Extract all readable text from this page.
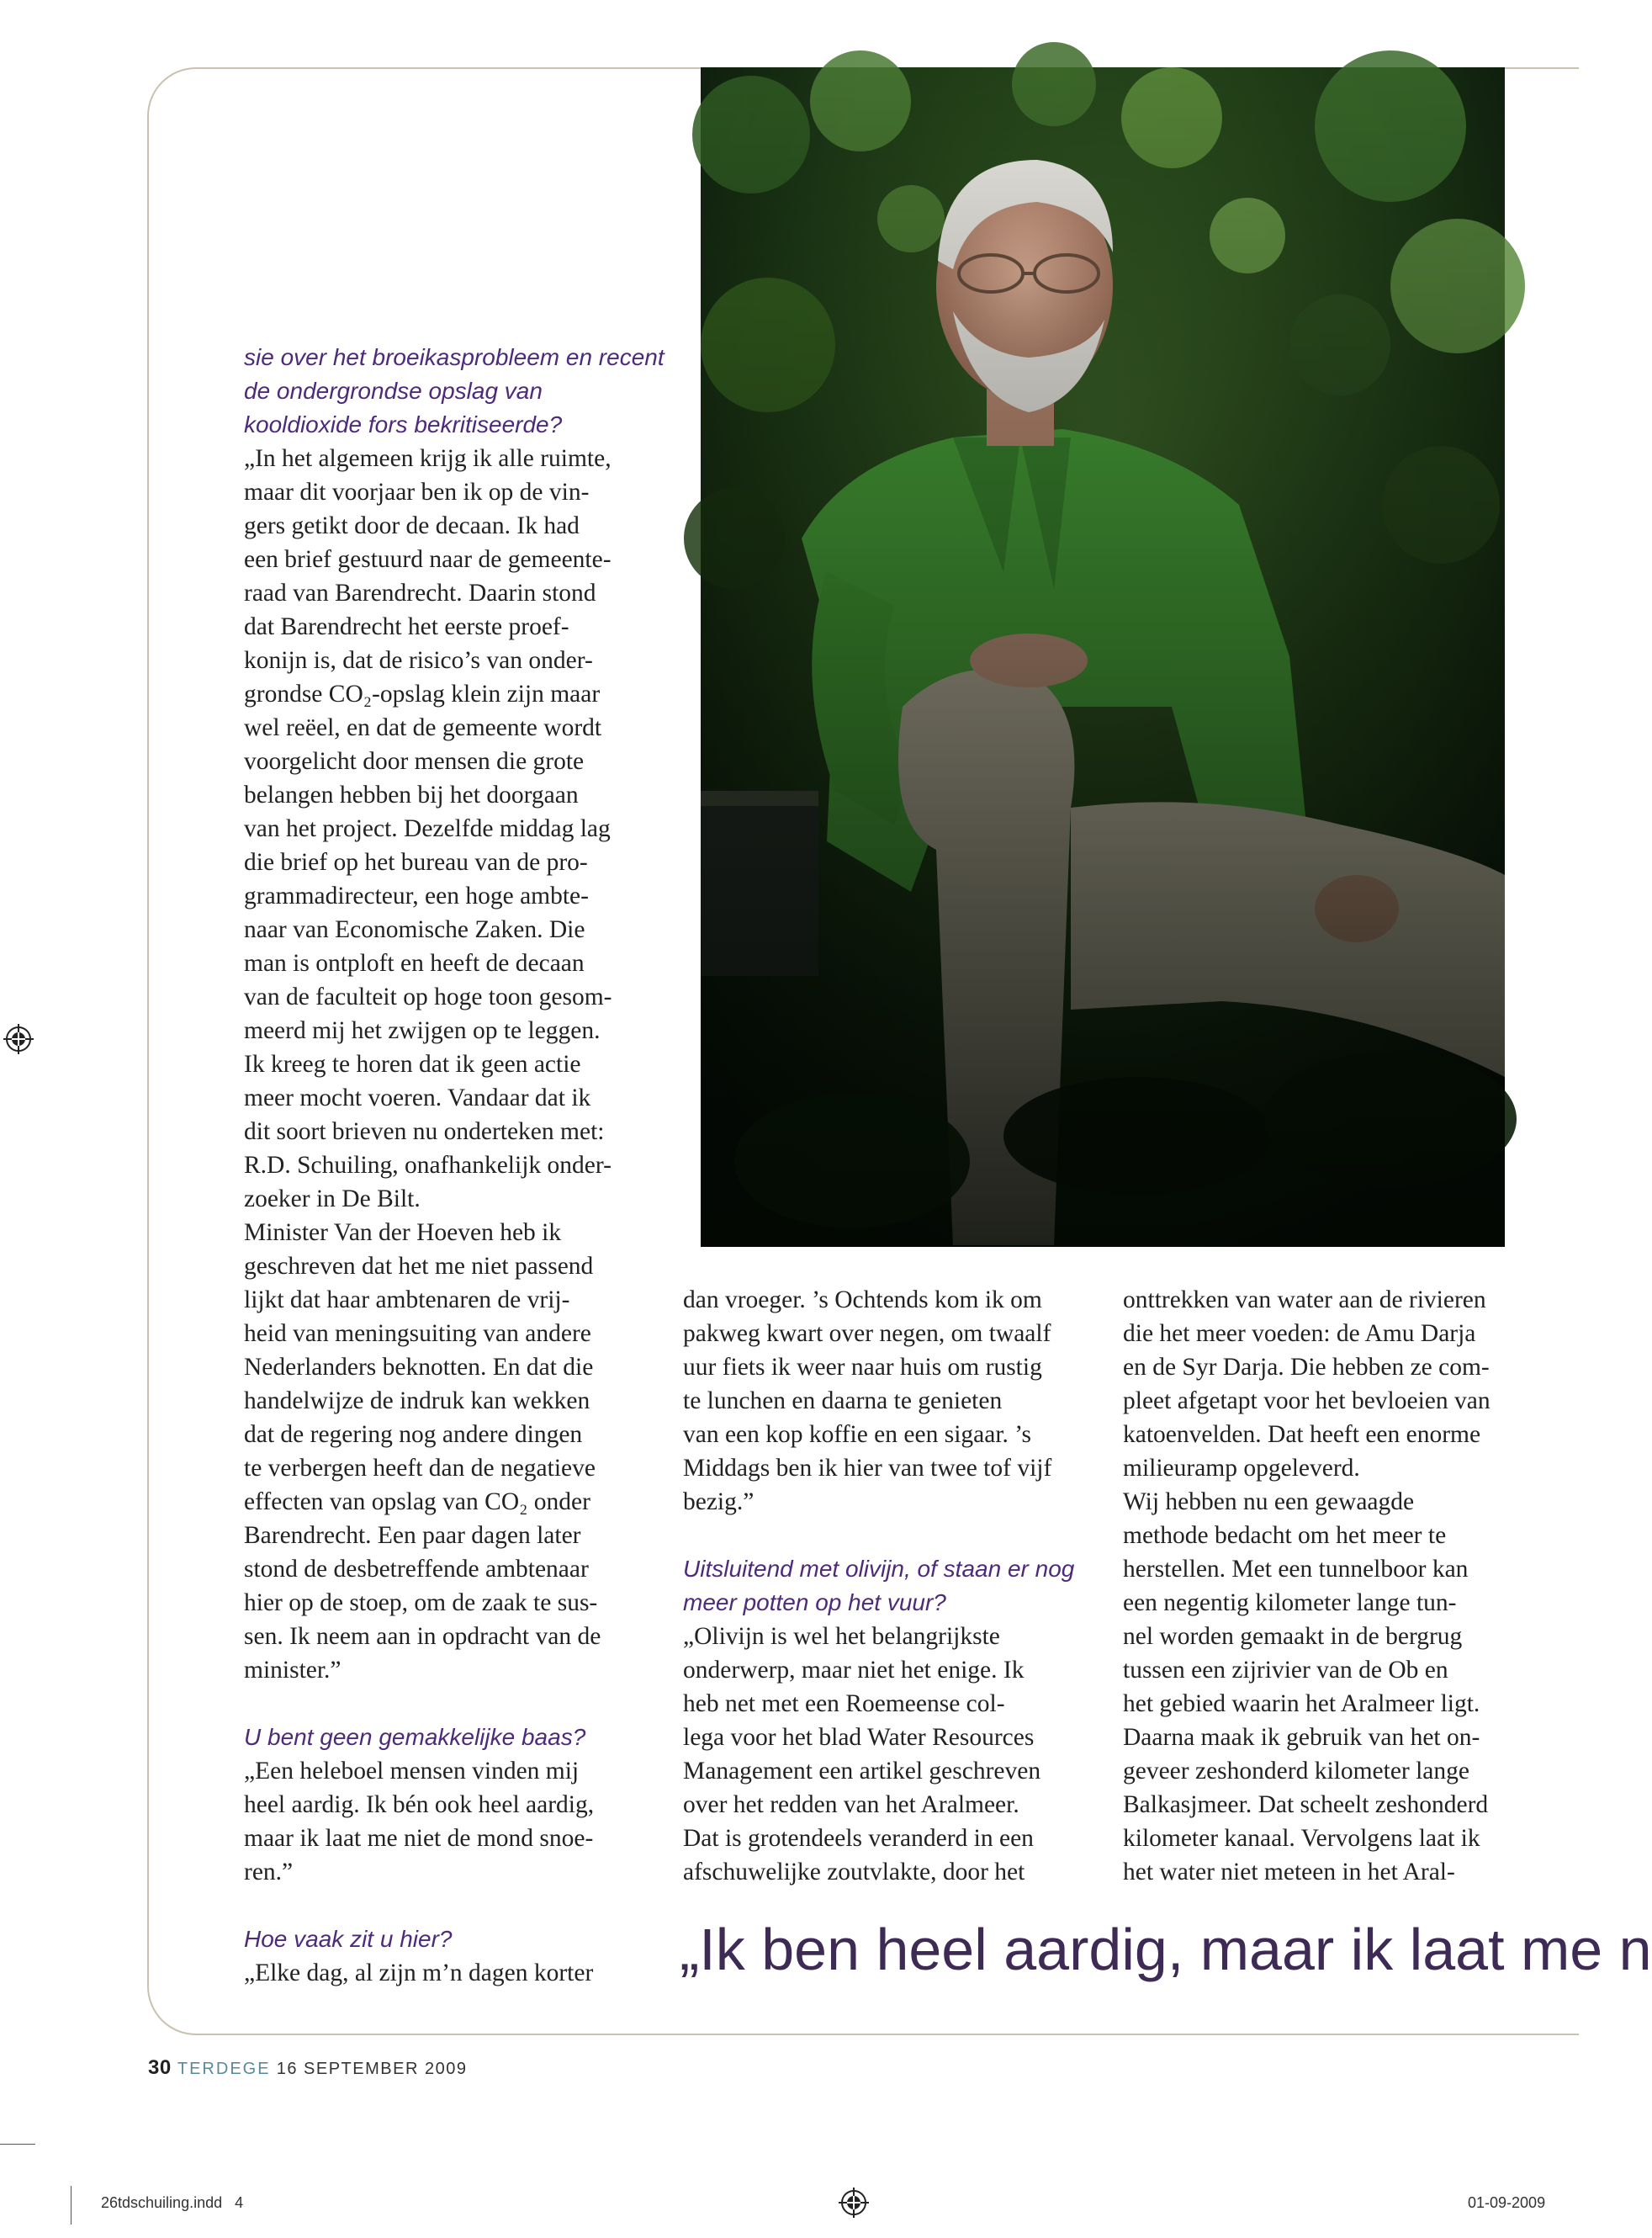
sie over het broeikasprobleem en recent de ondergrondse opslag van kooldioxide fors bekritiseerde?

„In het algemeen krijg ik alle ruimte,
maar dit voorjaar ben ik op de vin-
gers getikt door de decaan. Ik had
een brief gestuurd naar de gemeente-
raad van Barendrecht. Daarin stond
dat Barendrecht het eerste proef-
konijn is, dat de risico’s van onder-
grondse CO₂-opslag klein zijn maar
wel reëel, en dat de gemeente wordt
voorgelicht door mensen die grote
belangen hebben bij het doorgaan
van het project. Dezelfde middag lag
die brief op het bureau van de pro-
grammadirecteur, een hoge ambte-
naar van Economische Zaken. Die
man is ontploft en heeft de decaan
van de faculteit op hoge toon gesom-
meerd mij het zwijgen op te leggen.
Ik kreeg te horen dat ik geen actie
meer mocht voeren. Vandaar dat ik
dit soort brieven nu onderteken met:
R.D. Schuiling, onafhankelijk onder-
zoeker in De Bilt.
Minister Van der Hoeven heb ik
geschreven dat het me niet passend
lijkt dat haar ambtenaren de vrij-
heid van meningsuiting van andere
Nederlanders beknotten. En dat die
handelwijze de indruk kan wekken
dat de regering nog andere dingen
te verbergen heeft dan de negatieve
effecten van opslag van CO₂ onder
Barendrecht. Een paar dagen later
stond de desbetreffende ambtenaar
hier op de stoep, om de zaak te sus-
sen. Ik neem aan in opdracht van de
minister.”

U bent geen gemakkelijke baas?

„Een heleboel mensen vinden mij
heel aardig. Ik bén ook heel aardig,
maar ik laat me niet de mond snoe-
ren.”

Hoe vaak zit u hier?

„Elke dag, al zijn m’n dagen korter
dan vroeger. ’s Ochtends kom ik om
pakweg kwart over negen, om twaalf
uur fiets ik weer naar huis om rustig
te lunchen en daarna te genieten
van een kop koffie en een sigaar. ’s
Middags ben ik hier van twee tof vijf
bezig.”

Uitsluitend met olivijn, of staan er nog meer potten op het vuur?

„Olivijn is wel het belangrijkste
onderwerp, maar niet het enige. Ik
heb net met een Roemeense col-
lega voor het blad Water Resources
Management een artikel geschreven
over het redden van het Aralmeer.
Dat is grotendeels veranderd in een
afschuwelijke zoutvlakte, door het
onttrekken van water aan de rivieren
die het meer voeden: de Amu Darja
en de Syr Darja. Die hebben ze com-
pleet afgetapt voor het bevloeien van
katoenvelden. Dat heeft een enorme
milieuramp opgeleverd.
Wij hebben nu een gewaagde
methode bedacht om het meer te
herstellen. Met een tunnelboor kan
een negentig kilometer lange tun-
nel worden gemaakt in de bergrug
tussen een zijrivier van de Ob en
het gebied waarin het Aralmeer ligt.
Daarna maak ik gebruik van het on-
geveer zeshonderd kilometer lange
Balkasjmeer. Dat scheelt zeshonderd
kilometer kanaal. Vervolgens laat ik
het water niet meteen in het Aral-
„Ik ben heel aardig, maar ik laat me n
30 TERDEGE 16 SEPTEMBER 2009
26tdschuiling.indd   4	01-09-2009
